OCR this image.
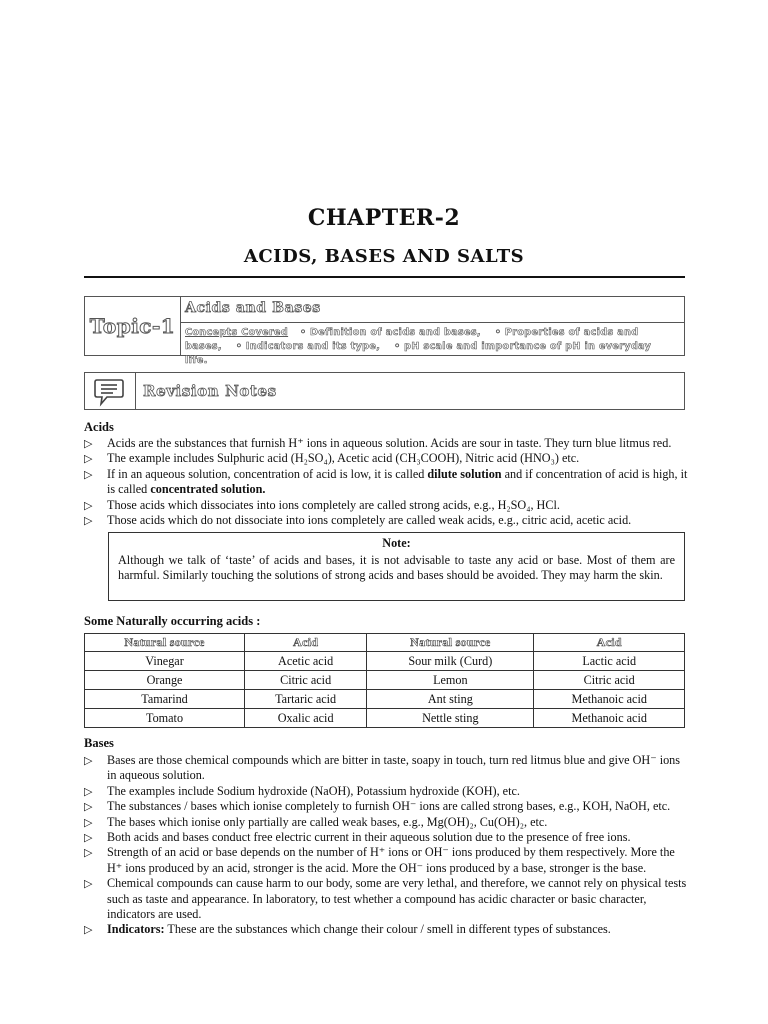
CHAPTER-2
ACIDS, BASES AND SALTS
Topic-1
Acids and Bases
Concepts Covered ◦ Definition of acids and bases, ◦ Properties of acids and bases, ◦ Indicators and its type, ◦ pH scale and importance of pH in everyday life.
Revision Notes
Acids
▷ Acids are the substances that furnish H⁺ ions in aqueous solution. Acids are sour in taste. They turn blue litmus red.
▷ The example includes Sulphuric acid (H₂SO₄), Acetic acid (CH₃COOH), Nitric acid (HNO₃) etc.
▷ If in an aqueous solution, concentration of acid is low, it is called dilute solution and if concentration of acid is high, it is called concentrated solution.
▷ Those acids which dissociates into ions completely are called strong acids, e.g., H₂SO₄, HCl.
▷ Those acids which do not dissociate into ions completely are called weak acids, e.g., citric acid, acetic acid.
Note:
Although we talk of ‘taste’ of acids and bases, it is not advisable to taste any acid or base. Most of them are harmful. Similarly touching the solutions of strong acids and bases should be avoided. They may harm the skin.
Some Naturally occurring acids :
Natural source	Acid	Natural source	Acid
Vinegar	Acetic acid	Sour milk (Curd)	Lactic acid
Orange	Citric acid	Lemon	Citric acid
Tamarind	Tartaric acid	Ant sting	Methanoic acid
Tomato	Oxalic acid	Nettle sting	Methanoic acid
Bases
▷ Bases are those chemical compounds which are bitter in taste, soapy in touch, turn red litmus blue and give OH⁻ ions in aqueous solution.
▷ The examples include Sodium hydroxide (NaOH), Potassium hydroxide (KOH), etc.
▷ The substances / bases which ionise completely to furnish OH⁻ ions are called strong bases, e.g., KOH, NaOH, etc.
▷ The bases which ionise only partially are called weak bases, e.g., Mg(OH)₂, Cu(OH)₂, etc.
▷ Both acids and bases conduct free electric current in their aqueous solution due to the presence of free ions.
▷ Strength of an acid or base depends on the number of H⁺ ions or OH⁻ ions produced by them respectively. More the H⁺ ions produced by an acid, stronger is the acid. More the OH⁻ ions produced by a base, stronger is the base.
▷ Chemical compounds can cause harm to our body, some are very lethal, and therefore, we cannot rely on physical tests such as taste and appearance. In laboratory, to test whether a compound has acidic character or basic character, indicators are used.
▷ Indicators: These are the substances which change their colour / smell in different types of substances.
